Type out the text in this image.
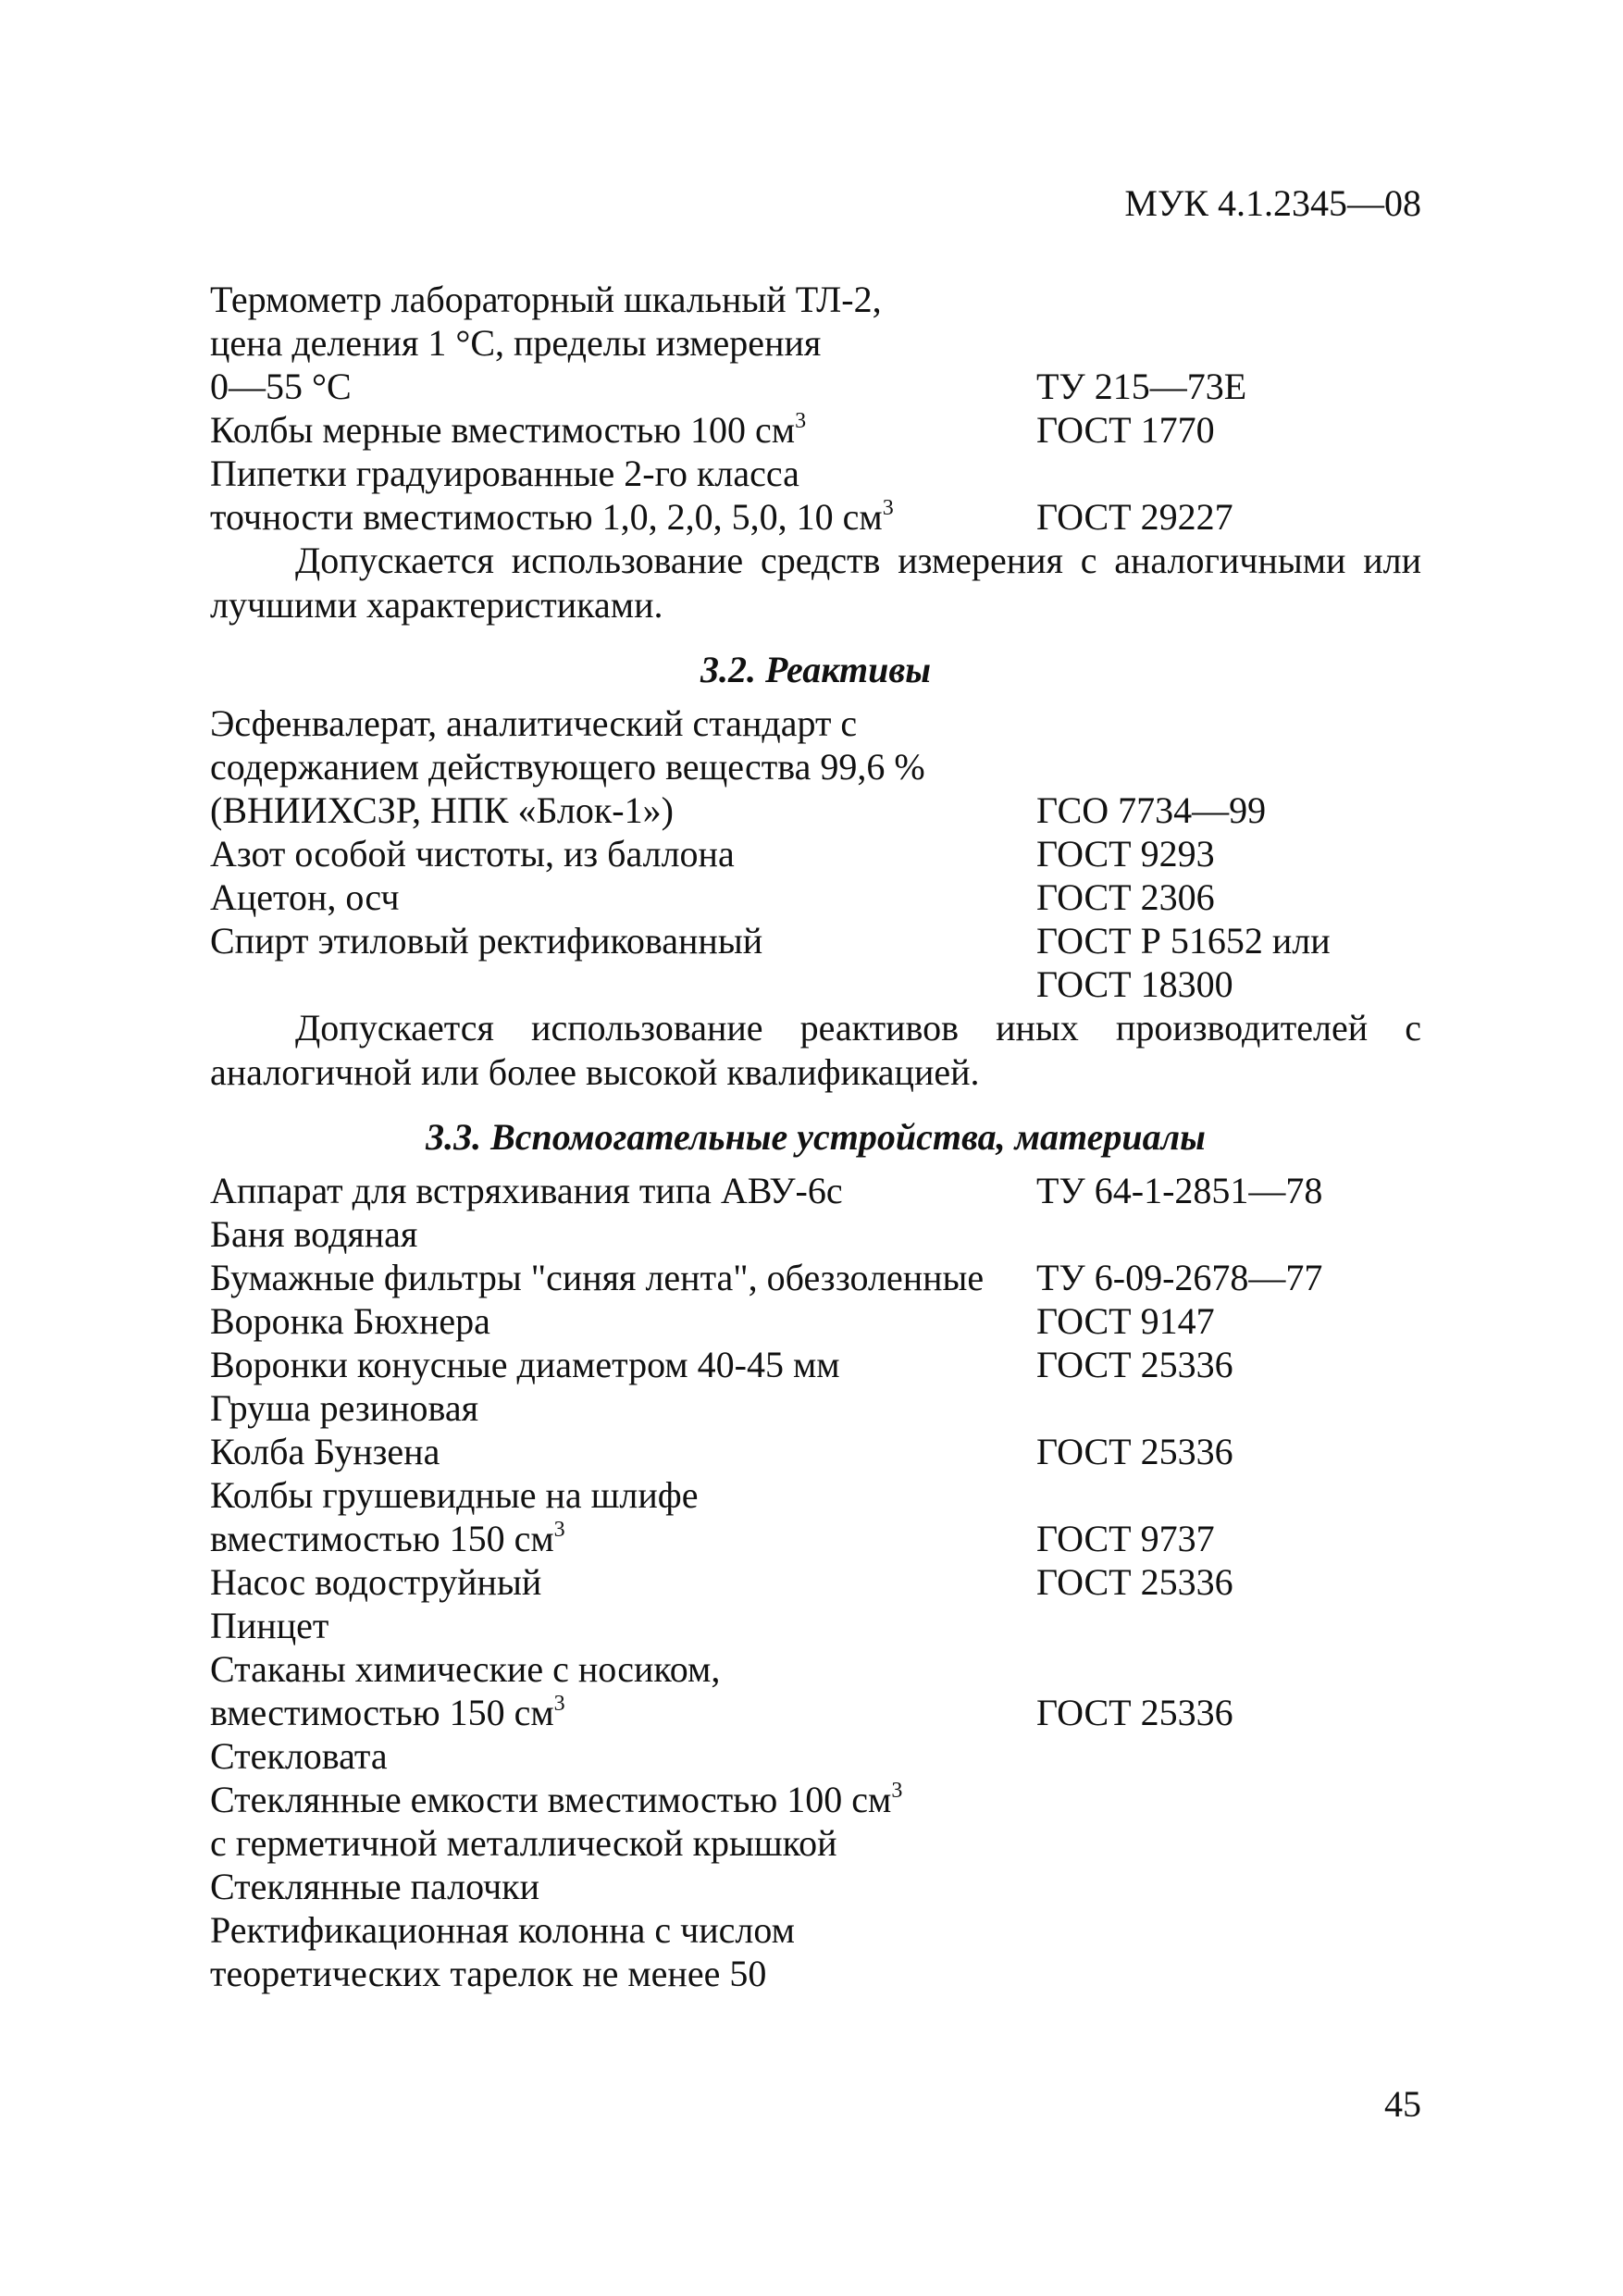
МУК 4.1.2345—08
Термометр лабораторный шкальный ТЛ-2,
цена деления 1 °С, пределы измерения
0—55 °С	ТУ 215—73Е
Колбы мерные вместимостью 100 $см^3$	ГОСТ 1770
Пипетки градуированные 2-го класса
точности вместимостью 1,0, 2,0, 5,0, 10 $см^3$	ГОСТ 29227

Допускается использование средств измерения с аналогичными или лучшими характеристиками.

3.2. Реактивы
Эсфенвалерат, аналитический стандарт с
содержанием действующего вещества 99,6 %
(ВНИИХСЗР, НПК «Блок-1»)	ГСО 7734—99
Азот особой чистоты, из баллона	ГОСТ 9293
Ацетон, осч	ГОСТ 2306
Спирт этиловый ректификованный	ГОСТ Р 51652 или
ГОСТ 18300

Допускается использование реактивов иных производителей с аналогичной или более высокой квалификацией.

3.3. Вспомогательные устройства, материалы
Аппарат для встряхивания типа АВУ-6с	ТУ 64-1-2851—78
Баня водяная
Бумажные фильтры "синяя лента", обеззоленные	ТУ 6-09-2678—77
Воронка Бюхнера	ГОСТ 9147
Воронки конусные диаметром 40-45 мм	ГОСТ 25336
Груша резиновая
Колба Бунзена	ГОСТ 25336
Колбы грушевидные на шлифе
вместимостью 150 $см^3$	ГОСТ 9737
Насос водоструйный	ГОСТ 25336
Пинцет
Стаканы химические с носиком,
вместимостью 150 $см^3$	ГОСТ 25336
Стекловата
Стеклянные емкости вместимостью 100 $см^3$
с герметичной металлической крышкой
Стеклянные палочки
Ректификационная колонна с числом
теоретических тарелок не менее 50
45
